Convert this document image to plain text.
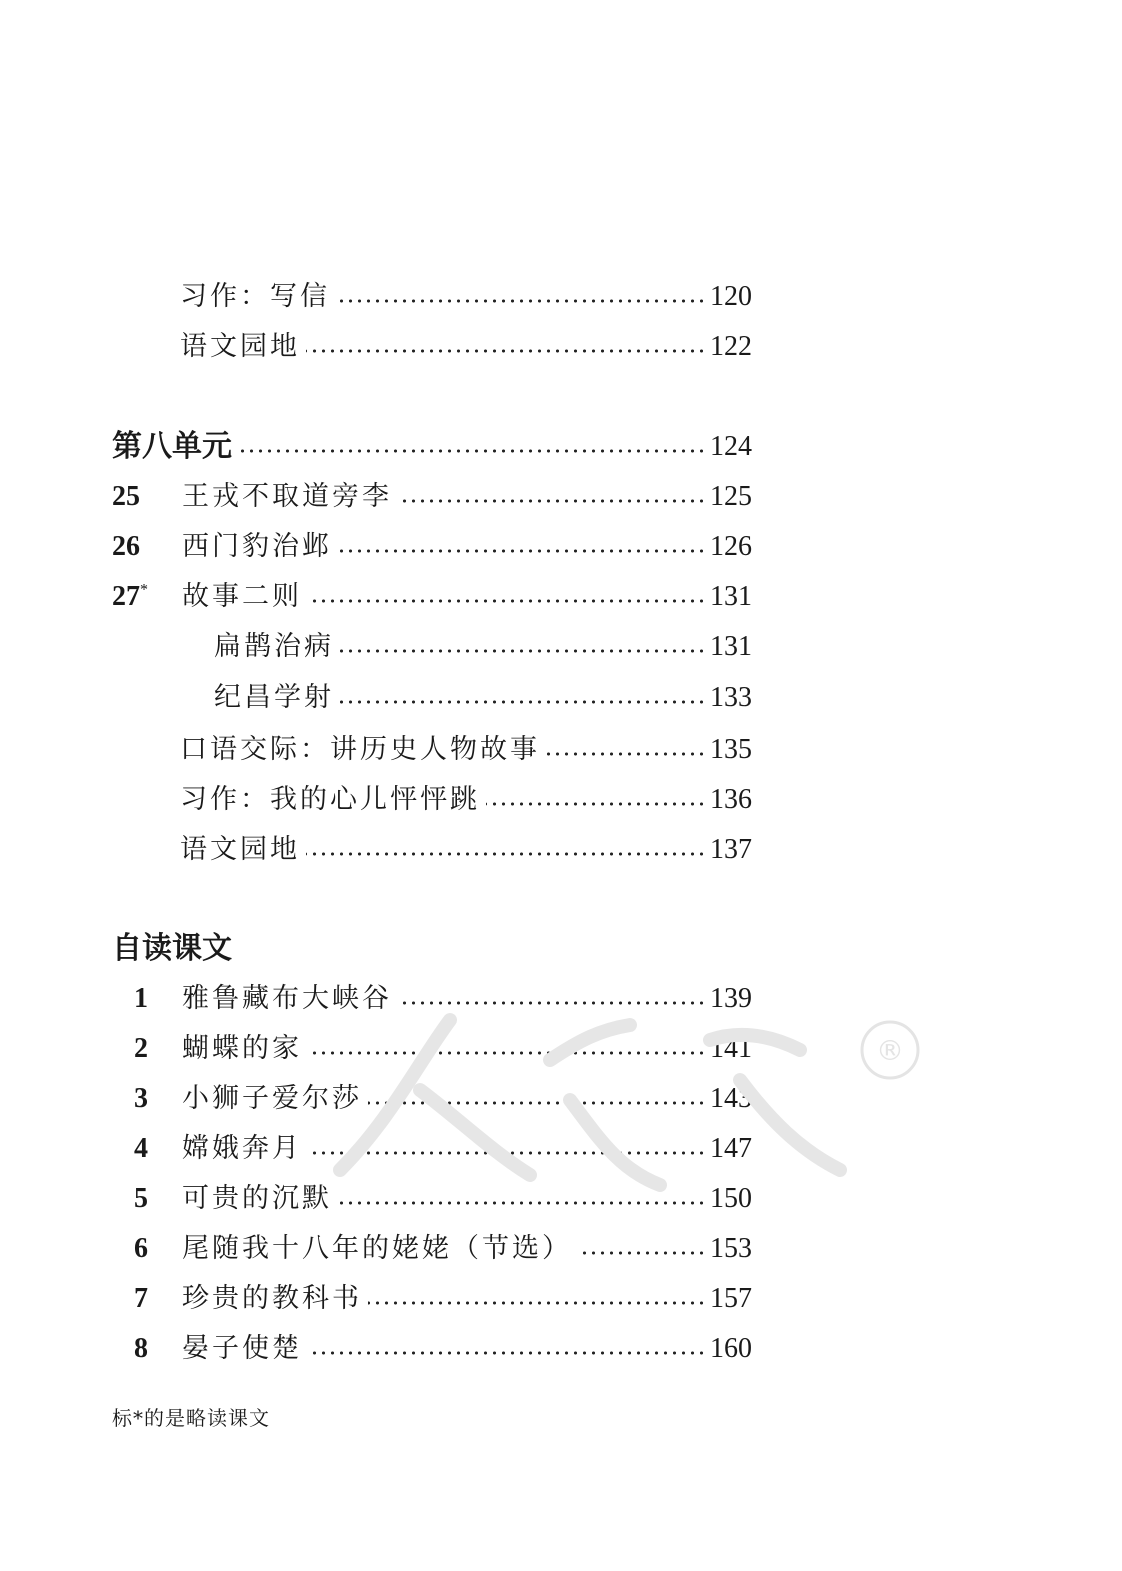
习作：写信	120
语文园地	122
第八单元	124
25	王戎不取道旁李	125
26	西门豹治邺	126
27*	故事二则	131
扁鹊治病	131
纪昌学射	133
口语交际：讲历史人物故事	135
习作：我的心儿怦怦跳	136
语文园地	137
自读课文
1	雅鲁藏布大峡谷	139
2	蝴蝶的家	141
3	小狮子爱尔莎	143
4	嫦娥奔月	147
5	可贵的沉默	150
6	尾随我十八年的姥姥（节选）	153
7	珍贵的教科书	157
8	晏子使楚	160
标*的是略读课文
®
